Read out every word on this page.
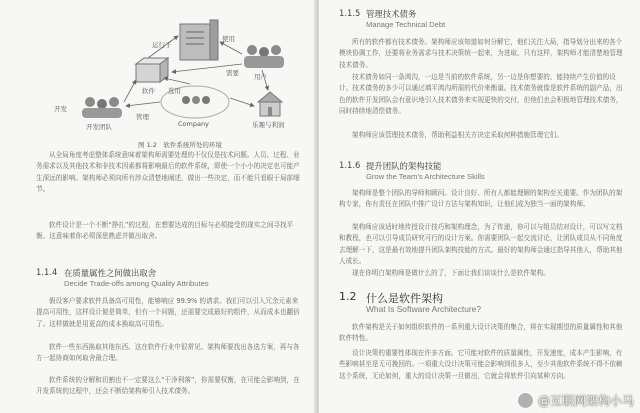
运行于
使用
软件 选用
需要 用户
开发
管理
Company
开发团队	乐趣与利润
图 1.2　软件系统所处的环境

从全局角度考虑整体系统意味着架构师需要处理的不仅仅是技术问题。人员、过程、业务需求以及其他技术和非技术因素都将影响最后的软件系统，即使一个小小的决定也可能产生深远的影响。架构师必须向所有涉众清楚地阐述，做出一些决定，而不能只看眼于局部细节。

软件设计是一个不断“挣扎”的过程，在想要达成的目标与必须接受的现实之间寻找平衡。这意味着你必须深思熟虑并做出取舍。

1.1.4 在质量属性之间做出取舍
Decide Trade-offs among Quality Attributes

假设客户要求软件具备高可用性，能够响应 99.9% 的请求。我们可以引入冗余元素来提高可用性，这样设计便是简单，但有一个问题，还需要完成最好的组件，从而成本也翻倍了。这样做就是用更高的成本换取高可用性。

软件一些东西换取其他东西。这在软件行业中很常见。架构师要找出各选方案，再与各方一起协商如何取舍最合理。

软件系统的分解和切割也不一定要这么“干净利落”，你需要权衡，在可能会影响到，在开发系统的过程中，还会不断给架构师引入技术债务。

1.1.5 管理技术债务
Manage Technical Debt

所有的软件都有技术债务。架构师应该知道如何分解它，他们关注大局，指导划分出来的各个模块协调工作，还要将业务需求与技术决策统一起来，为进取，只有这样，架构师才能清楚地管理技术债务。

技术债务如同一条鸿沟，一边是当前的软件系统，另一边是你想要的、能持续产生价值的设计。技术债务的多少可以通过填平鸿沟所需的代价来衡量。技术债务就像是软件系统的副产品，出色的软件开发团队会有意识地引入技术债务来实现更快的交付，但他们也会积极地管理技术债务，同时持续地清偿债务。

架构师应该管理技术债务，帮助利益相关方决定采取何种措施管理它们。

1.1.6 提升团队的架构技能
Grow the Team’s Architecture Skills

架构师是整个团队的导师和顾问。设计良好、所有人都能理解的架构至关重要。作为团队的架构专家，你有责任在团队中推广设计方法与架构知识，让他们成为独当一面的架构师。

架构师应该适时地传授设计技巧和架构理念，为了传递，你可以与组员结对设计，可以写文档和教程，也可以引导成员研究可行的设计方案。你需要团队一起交流讨论，让团队成员从不同角度去理解一下，这是最有效地提升团队架构技能的方式。最好的架构师会通过指导其他人，帮助其他人成长。

现在你明白架构师是做什么的了，下面让我们谈谈什么是软件架构。

1.2 什么是软件架构
What Is Software Architecture?

软件架构是关于如何组织软件的一系列重大设计决策的集合，将在实现期望的质量属性和其他软件特性。

设计决策的重要性体现在许多方面。它可能对软件的质量属性，开发速度，成本产生影响，有些影响甚至是无可挽回的。一项重大设计决策可能会影响到很多人，至少其他软件系统不得不依赖这个系统，无论如何，重大的设计决策一旦做出，它就会将软件引向某种方向。

@互联网架构小马
